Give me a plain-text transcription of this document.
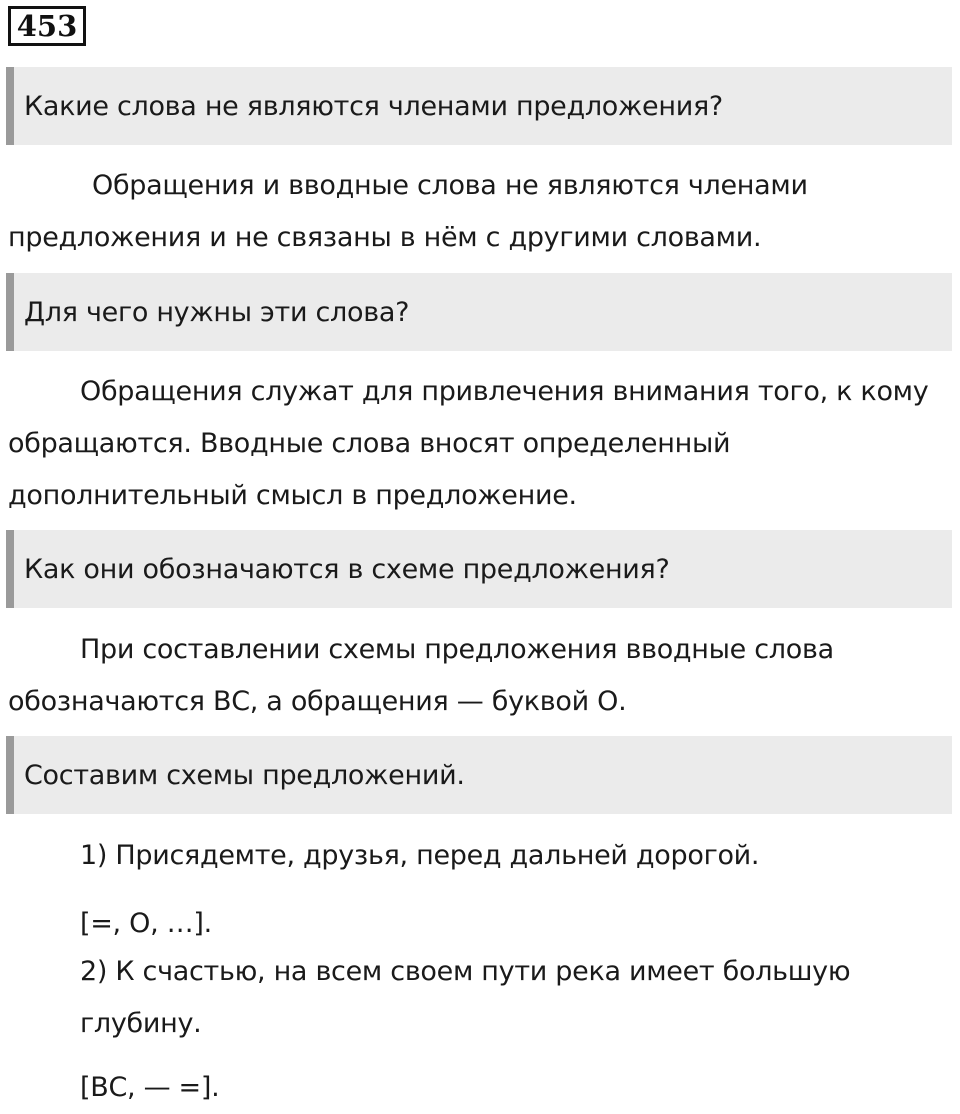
453
Какие слова не являются членами предложения?

Обращения и вводные слова не являются членами предложения и не связаны в нём с другими словами.

Для чего нужны эти слова?

Обращения служат для привлечения внимания того, к кому обращаются. Вводные слова вносят определенный дополнительный смысл в предложение.

Как они обозначаются в схеме предложения?

При составлении схемы предложения вводные слова обозначаются ВС, а обращения — буквой О.

Составим схемы предложений.

1) Присядемте, друзья, перед дальней дорогой.

[=, О, …].

2) К счастью, на всем своем пути река имеет большую глубину.

[ВС, — =].
